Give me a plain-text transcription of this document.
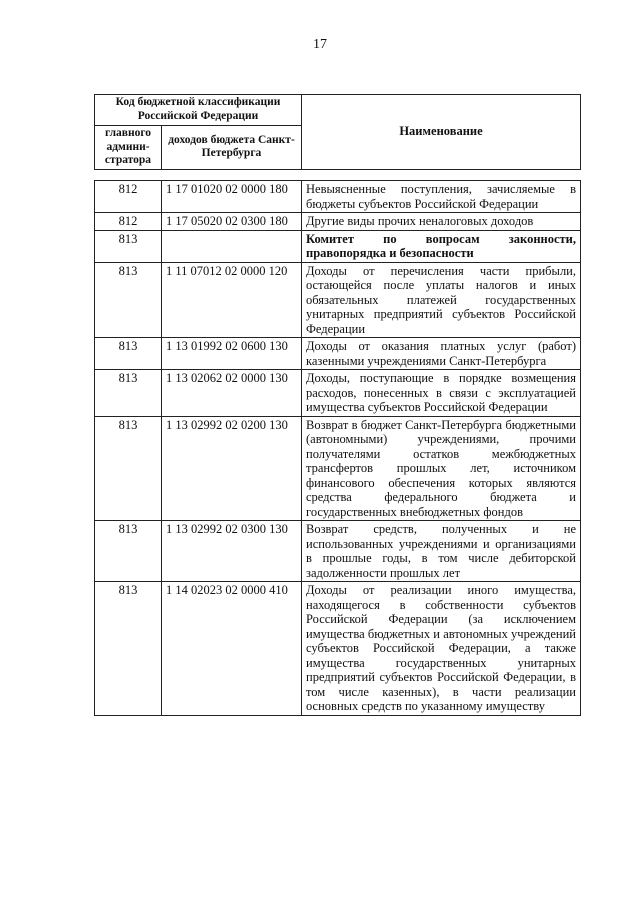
17
Код бюджетной классификации Российской Федерации		Наименование
главного админи-стратора	доходов бюджета Санкт-Петербурга	
812	1 17 01020 02 0000 180	Невыясненные поступления, зачисляемые в бюджеты субъектов Российской Федерации
812	1 17 05020 02 0300 180	Другие виды прочих неналоговых доходов
813		Комитет по вопросам законности, правопорядка и безопасности
813	1 11 07012 02 0000 120	Доходы от перечисления части прибыли, остающейся после уплаты налогов и иных обязательных платежей государственных унитарных предприятий субъектов Российской Федерации
813	1 13 01992 02 0600 130	Доходы от оказания платных услуг (работ) казенными учреждениями Санкт-Петербурга
813	1 13 02062 02 0000 130	Доходы, поступающие в порядке возмещения расходов, понесенных в связи с эксплуатацией имущества субъектов Российской Федерации
813	1 13 02992 02 0200 130	Возврат в бюджет Санкт-Петербурга бюджетными (автономными) учреждениями, прочими получателями остатков межбюджетных трансфертов прошлых лет, источником финансового обеспечения которых являются средства федерального бюджета и государственных внебюджетных фондов
813	1 13 02992 02 0300 130	Возврат средств, полученных и не использованных учреждениями и организациями в прошлые годы, в том числе дебиторской задолженности прошлых лет
813	1 14 02023 02 0000 410	Доходы от реализации иного имущества, находящегося в собственности субъектов Российской Федерации (за исключением имущества бюджетных и автономных учреждений субъектов Российской Федерации, а также имущества государственных унитарных предприятий субъектов Российской Федерации, в том числе казенных), в части реализации основных средств по указанному имуществу
